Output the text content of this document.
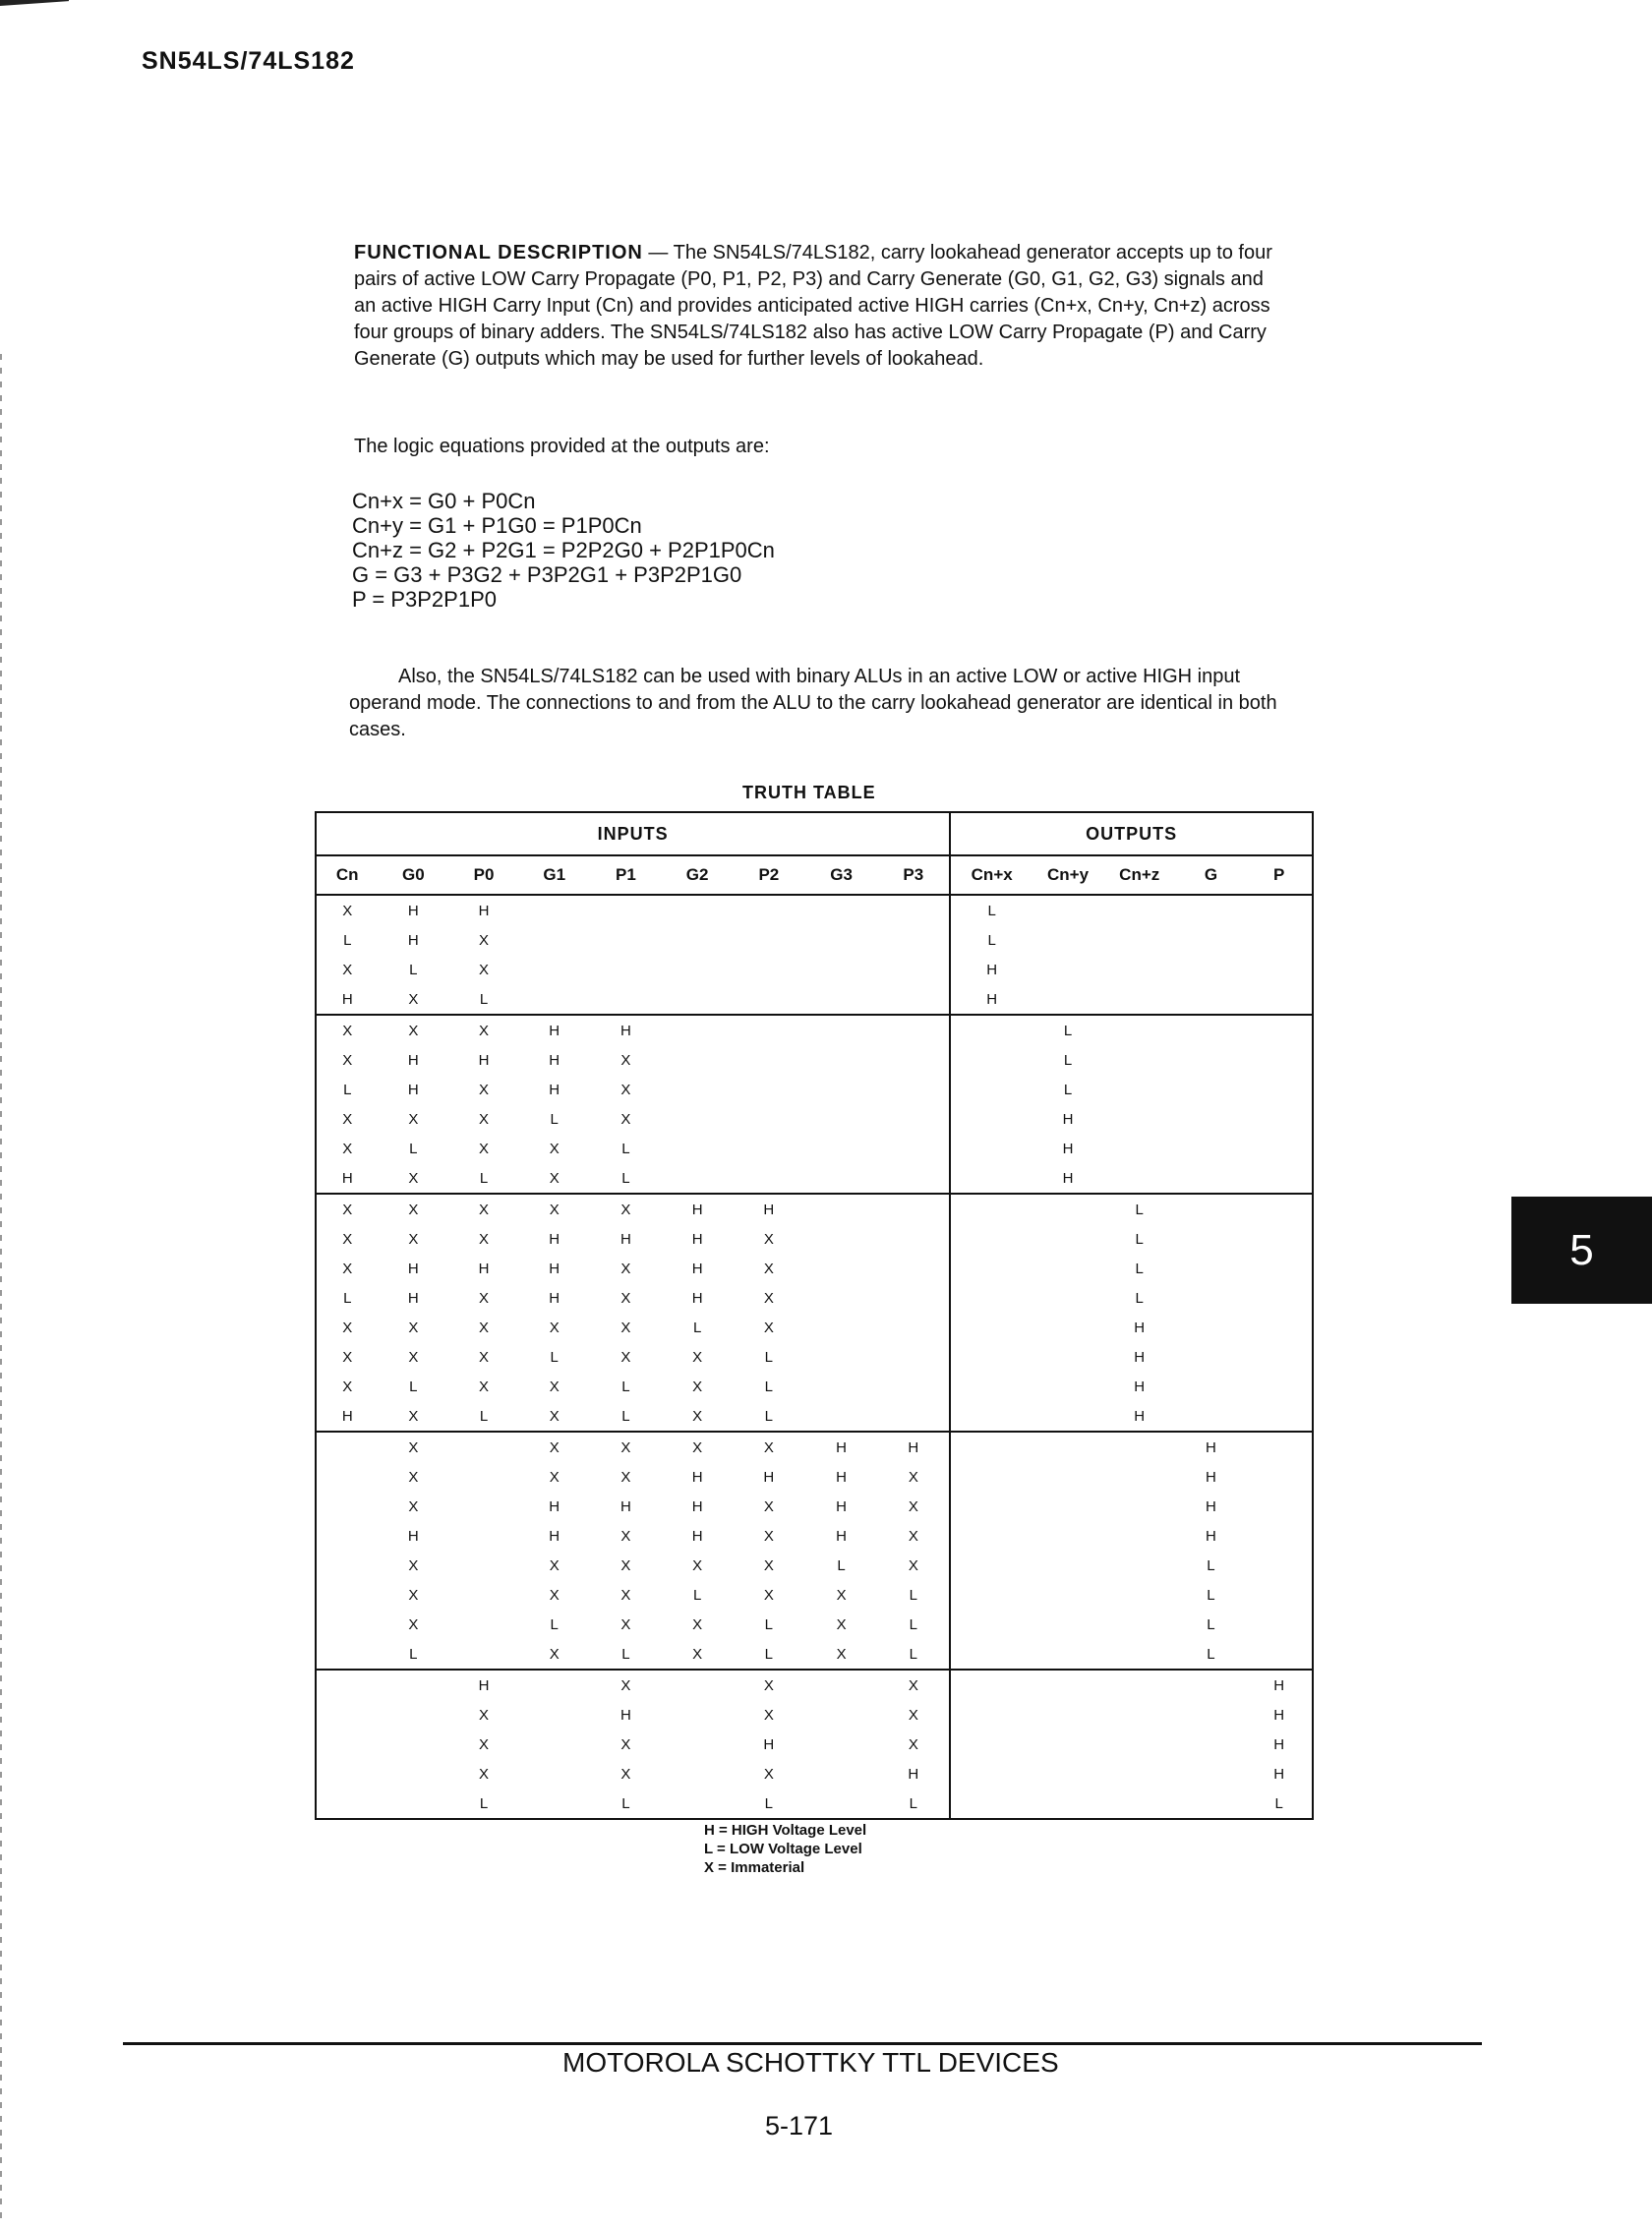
SN54LS/74LS182
FUNCTIONAL DESCRIPTION — The SN54LS/74LS182, carry lookahead generator accepts up to four pairs of active LOW Carry Propagate (P0, P1, P2, P3) and Carry Generate (G0, G1, G2, G3) signals and an active HIGH Carry Input (Cn) and provides anticipated active HIGH carries (Cn+x, Cn+y, Cn+z) across four groups of binary adders. The SN54LS/74LS182 also has active LOW Carry Propagate (P) and Carry Generate (G) outputs which may be used for further levels of lookahead.
The logic equations provided at the outputs are:
Cn+x = G0 + P0Cn
Cn+y = G1 + P1G0 = P1P0Cn
Cn+z = G2 + P2G1 = P2P2G0 + P2P1P0Cn
G = G3 + P3G2 + P3P2G1 + P3P2P1G0
P = P3P2P1P0
Also, the SN54LS/74LS182 can be used with binary ALUs in an active LOW or active HIGH input operand mode. The connections to and from the ALU to the carry lookahead generator are identical in both cases.
TRUTH TABLE
INPUTS									OUTPUTS				
Cn	G0	P0	G1	P1	G2	P2	G3	P3	Cn+x	Cn+y	Cn+z	G	P
X	H	H							L				
L	H	X							L				
X	L	X							H				
H	X	L							H				
X	X	X	H	H						L			
X	H	H	H	X						L			
L	H	X	H	X						L			
X	X	X	L	X						H			
X	L	X	X	L						H			
H	X	L	X	L						H			
X	X	X	X	X	H	H					L		
X	X	X	H	H	H	X					L		
X	H	H	H	X	H	X					L		
L	H	X	H	X	H	X					L		
X	X	X	X	X	L	X					H		
X	X	X	L	X	X	L					H		
X	L	X	X	L	X	L					H		
H	X	L	X	L	X	L					H		
	X		X	X	X	X	H	H				H	
	X		X	X	H	H	H	X				H	
	X		H	H	H	X	H	X				H	
	H		H	X	H	X	H	X				H	
	X		X	X	X	X	L	X				L	
	X		X	X	L	X	X	L				L	
	X		L	X	X	L	X	L				L	
	L		X	L	X	L	X	L				L	
		H		X		X		X					H
		X		H		X		X					H
		X		X		H		X					H
		X		X		X		H					H
		L		L		L		L					L
H = HIGH Voltage Level
L = LOW Voltage Level
X = Immaterial
MOTOROLA SCHOTTKY TTL DEVICES
5-171
5
